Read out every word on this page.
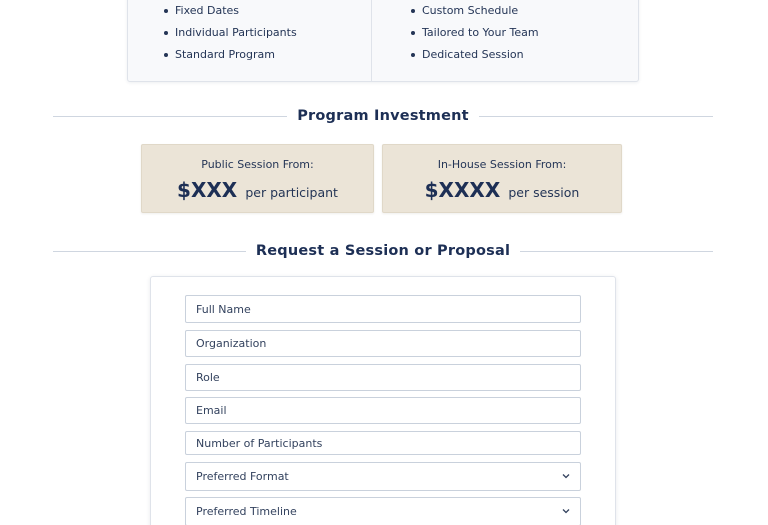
Fixed Dates
Individual Participants
Standard Program
Custom Schedule
Tailored to Your Team
Dedicated Session
Program Investment
Public Session From:
$XXX per participant
In-House Session From:
$XXXX per session
Request a Session or Proposal
Full Name
Organization
Role
Email
Number of Participants
Preferred Format
Preferred Timeline
